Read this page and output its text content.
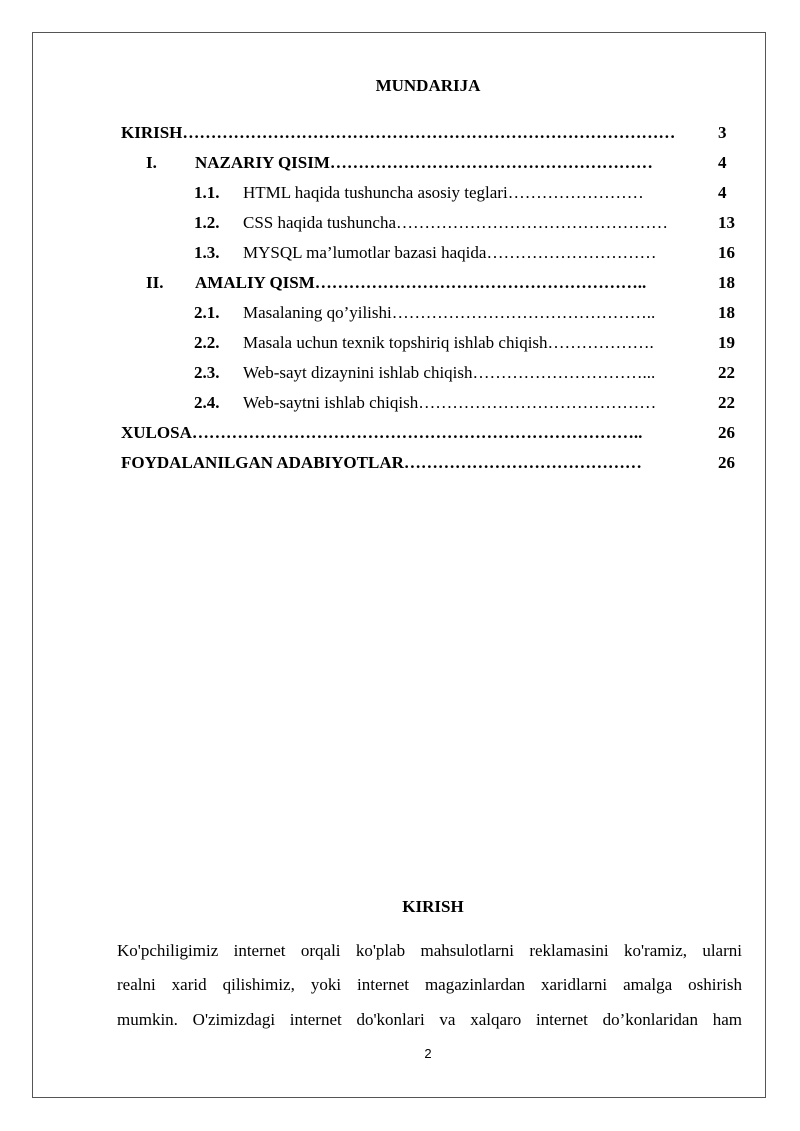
MUNDARIJA
KIRISH……………………………………………………………………………	3
I. NAZARIY QISIM…………………………………………………	4
1.1. HTML haqida tushuncha asosiy teglari……………………	4
1.2. CSS haqida tushuncha…………………………………………	13
1.3. MYSQL ma’lumotlar bazasi haqida…………………………	16
II. AMALIY QISM…………………………………………………..	18
2.1. Masalaning qo’yilishi………………………………………..	18
2.2. Masala uchun texnik topshiriq ishlab chiqish……………….	19
2.3. Web-sayt dizaynini ishlab chiqish…………………………...	22
2.4. Web-saytni ishlab chiqish……………………………………	22
XULOSA……………………………………………………………………..	26
FOYDALANILGAN ADABIYOTLAR……………………………………	26
KIRISH
Ko'pchiligimiz internet orqali ko'plab mahsulotlarni reklamasini ko'ramiz, ularni
realni xarid qilishimiz, yoki internet magazinlardan xaridlarni amalga oshirish
mumkin. O'zimizdagi internet do'konlari va xalqaro internet do’konlaridan ham
2
